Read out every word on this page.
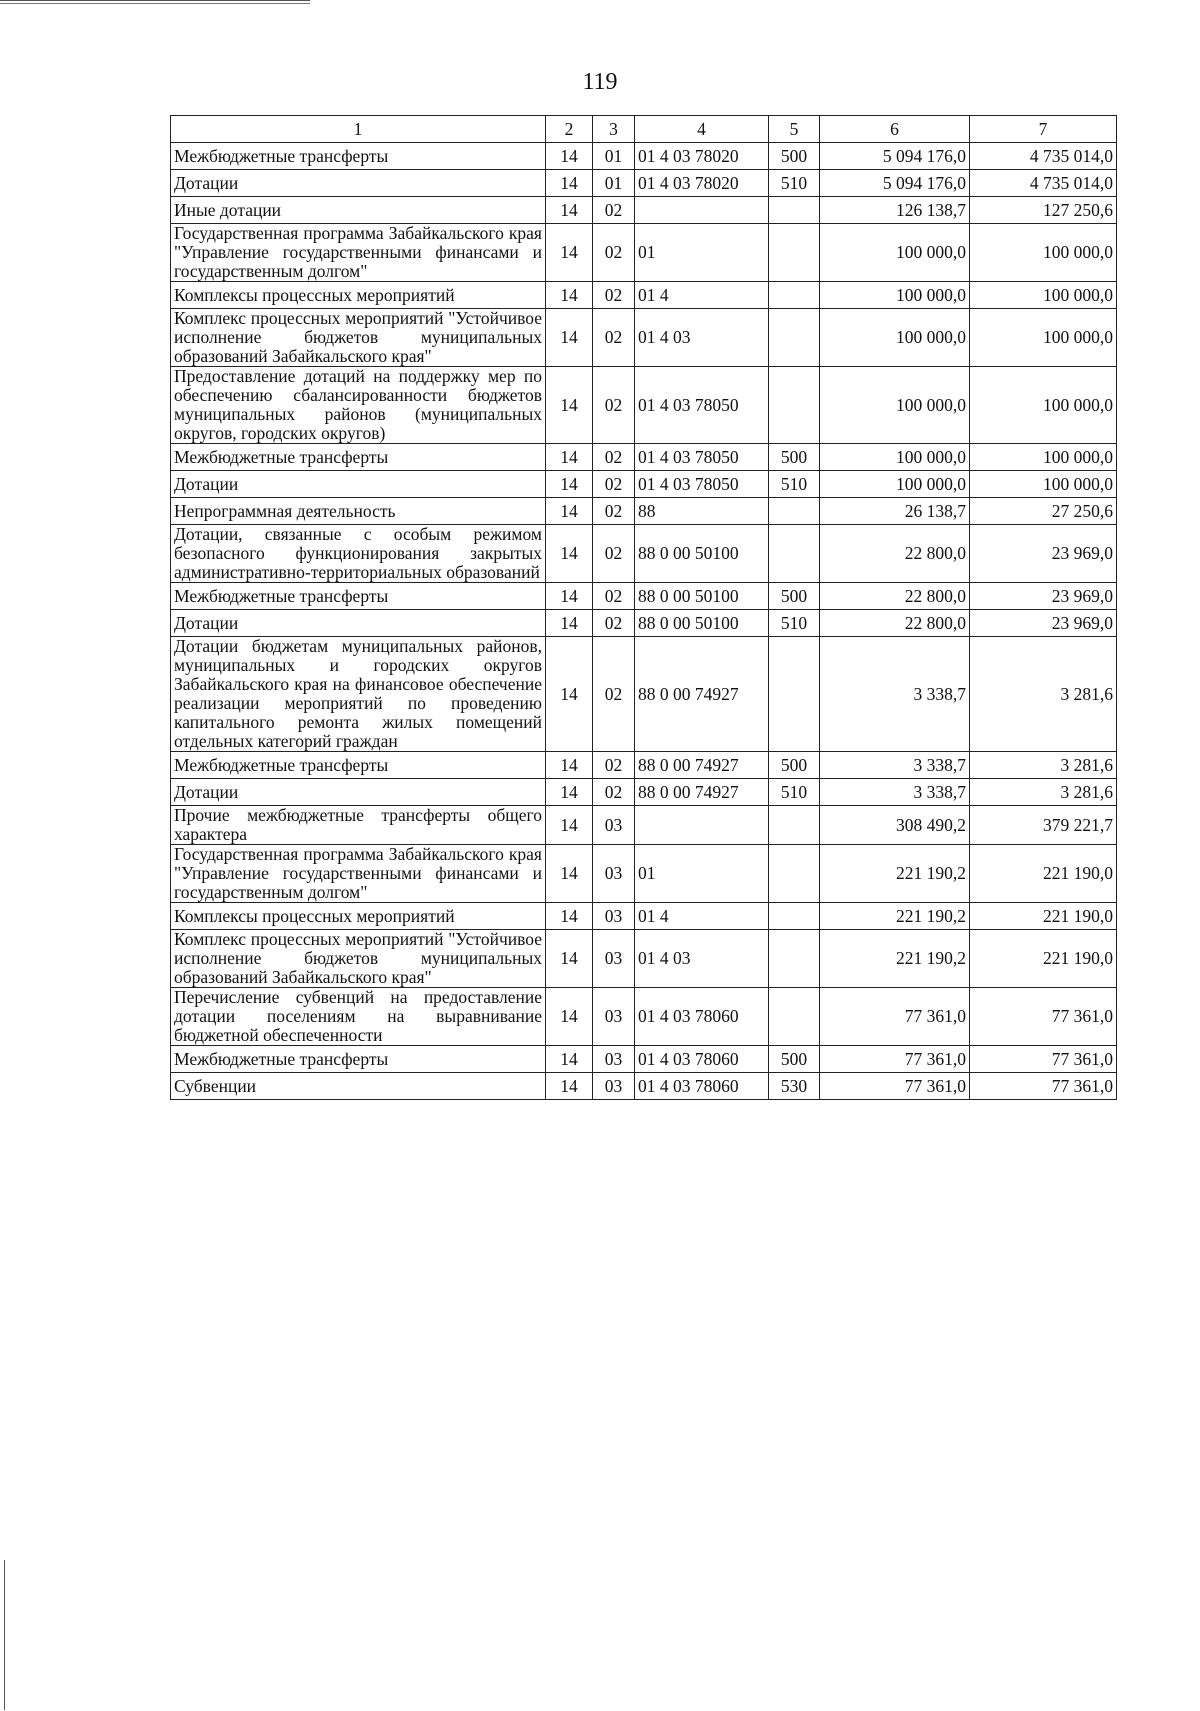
119
1	2	3	4	5	6	7
Межбюджетные трансферты	14	01	01 4 03 78020	500	5 094 176,0	4 735 014,0
Дотации	14	01	01 4 03 78020	510	5 094 176,0	4 735 014,0
Иные дотации	14	02			126 138,7	127 250,6
Государственная программа Забайкальского края "Управление государственными финансами и государственным долгом"	14	02	01		100 000,0	100 000,0
Комплексы процессных мероприятий	14	02	01 4		100 000,0	100 000,0
Комплекс процессных мероприятий "Устойчивое исполнение бюджетов муниципальных образований Забайкальского края"	14	02	01 4 03		100 000,0	100 000,0
Предоставление дотаций на поддержку мер по обеспечению сбалансированности бюджетов муниципальных районов (муниципальных округов, городских округов)	14	02	01 4 03 78050		100 000,0	100 000,0
Межбюджетные трансферты	14	02	01 4 03 78050	500	100 000,0	100 000,0
Дотации	14	02	01 4 03 78050	510	100 000,0	100 000,0
Непрограммная деятельность	14	02	88		26 138,7	27 250,6
Дотации, связанные с особым режимом безопасного функционирования закрытых административно-территориальных образований	14	02	88 0 00 50100		22 800,0	23 969,0
Межбюджетные трансферты	14	02	88 0 00 50100	500	22 800,0	23 969,0
Дотации	14	02	88 0 00 50100	510	22 800,0	23 969,0
Дотации бюджетам муниципальных районов, муниципальных и городских округов Забайкальского края на финансовое обеспечение реализации мероприятий по проведению капитального ремонта жилых помещений отдельных категорий граждан	14	02	88 0 00 74927		3 338,7	3 281,6
Межбюджетные трансферты	14	02	88 0 00 74927	500	3 338,7	3 281,6
Дотации	14	02	88 0 00 74927	510	3 338,7	3 281,6
Прочие межбюджетные трансферты общего характера	14	03			308 490,2	379 221,7
Государственная программа Забайкальского края "Управление государственными финансами и государственным долгом"	14	03	01		221 190,2	221 190,0
Комплексы процессных мероприятий	14	03	01 4		221 190,2	221 190,0
Комплекс процессных мероприятий "Устойчивое исполнение бюджетов муниципальных образований Забайкальского края"	14	03	01 4 03		221 190,2	221 190,0
Перечисление субвенций на предоставление дотации поселениям на выравнивание бюджетной обеспеченности	14	03	01 4 03 78060		77 361,0	77 361,0
Межбюджетные трансферты	14	03	01 4 03 78060	500	77 361,0	77 361,0
Субвенции	14	03	01 4 03 78060	530	77 361,0	77 361,0
